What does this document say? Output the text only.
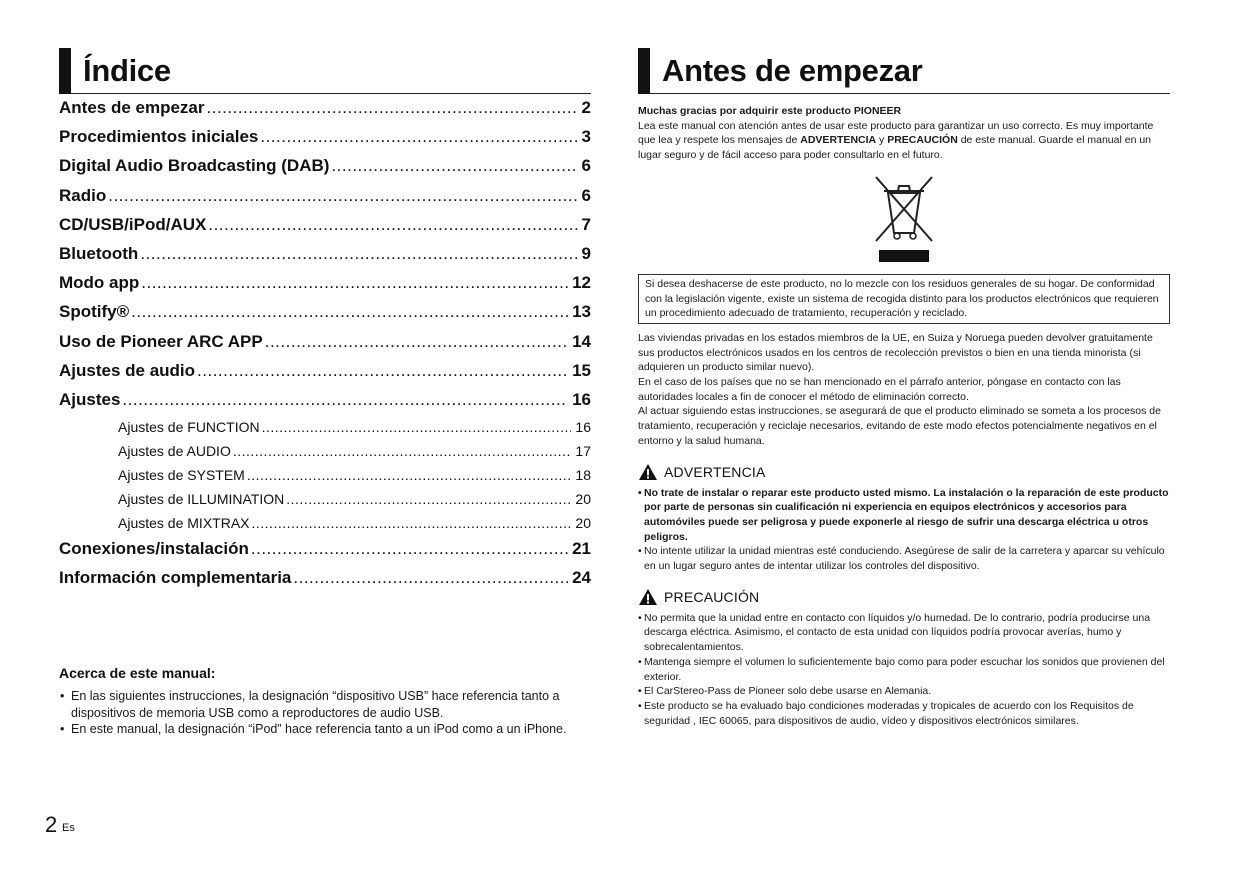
Índice
Antes de empezar .....	2
Procedimientos iniciales .....	3
Digital Audio Broadcasting (DAB) .....	6
Radio .....	6
CD/USB/iPod/AUX .....	7
Bluetooth .....	9
Modo app .....	12
Spotify® .....	13
Uso de Pioneer ARC APP .....	14
Ajustes de audio .....	15
Ajustes .....	16
Ajustes de FUNCTION .....	16
Ajustes de AUDIO .....	17
Ajustes de SYSTEM .....	18
Ajustes de ILLUMINATION .....	20
Ajustes de MIXTRAX .....	20
Conexiones/instalación .....	21
Información complementaria .....	24
Acerca de este manual:
• En las siguientes instrucciones, la designación “dispositivo USB” hace referencia tanto a dispositivos de memoria USB como a reproductores de audio USB.
• En este manual, la designación “iPod” hace referencia tanto a un iPod como a un iPhone.
2 Es
Antes de empezar
Muchas gracias por adquirir este producto PIONEER
Lea este manual con atención antes de usar este producto para garantizar un uso correcto. Es muy importante que lea y respete los mensajes de ADVERTENCIA y PRECAUCIÓN de este manual. Guarde el manual en un lugar seguro y de fácil acceso para poder consultarlo en el futuro.
Si desea deshacerse de este producto, no lo mezcle con los residuos generales de su hogar. De conformidad con la legislación vigente, existe un sistema de recogida distinto para los productos electrónicos que requieren un procedimiento adecuado de tratamiento, recuperación y reciclado.
Las viviendas privadas en los estados miembros de la UE, en Suiza y Noruega pueden devolver gratuitamente sus productos electrónicos usados en los centros de recolección previstos o bien en una tienda minorista (si adquieren un producto similar nuevo).
En el caso de los países que no se han mencionado en el párrafo anterior, póngase en contacto con las autoridades locales a fin de conocer el método de eliminación correcto.
Al actuar siguiendo estas instrucciones, se asegurará de que el producto eliminado se someta a los procesos de tratamiento, recuperación y reciclaje necesarios, evitando de este modo efectos potencialmente negativos en el entorno y la salud humana.
ADVERTENCIA
• No trate de instalar o reparar este producto usted mismo. La instalación o la reparación de este producto por parte de personas sin cualificación ni experiencia en equipos electrónicos y accesorios para automóviles puede ser peligrosa y puede exponerle al riesgo de sufrir una descarga eléctrica u otros peligros.
• No intente utilizar la unidad mientras esté conduciendo. Asegúrese de salir de la carretera y aparcar su vehículo en un lugar seguro antes de intentar utilizar los controles del dispositivo.
PRECAUCIÓN
• No permita que la unidad entre en contacto con líquidos y/o humedad. De lo contrario, podría producirse una descarga eléctrica. Asimismo, el contacto de esta unidad con líquidos podría provocar averías, humo y sobrecalentamientos.
• Mantenga siempre el volumen lo suficientemente bajo como para poder escuchar los sonidos que provienen del exterior.
• El CarStereo-Pass de Pioneer solo debe usarse en Alemania.
• Este producto se ha evaluado bajo condiciones moderadas y tropicales de acuerdo con los Requisitos de seguridad , IEC 60065, para dispositivos de audio, vídeo y dispositivos electrónicos similares.
